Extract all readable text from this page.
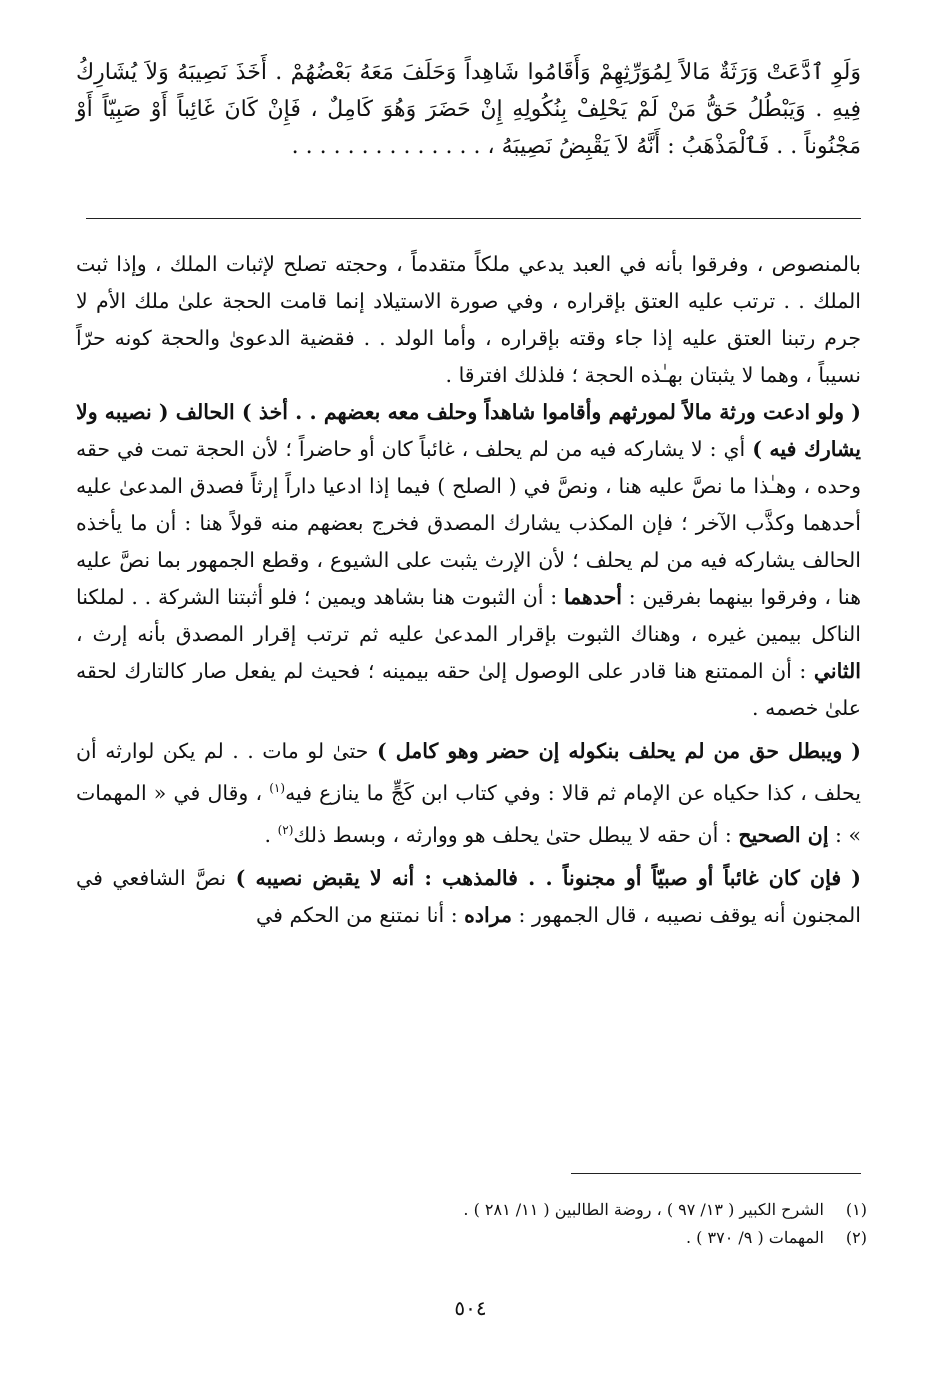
وَلَوِ ٱدَّعَتْ وَرَثَةٌ مَالاً لِمُوَرِّثِهِمْ وَأَقَامُوا شَاهِداً وَحَلَفَ مَعَهُ بَعْضُهُمْ . أَخَذَ نَصِيبَهُ وَلاَ يُشَارِكُ فِيهِ . وَيَبْطُلُ حَقُّ مَنْ لَمْ يَحْلِفْ بِنُكُولِهِ إِنْ حَضَرَ وَهُوَ كَامِلٌ ، فَإِنْ كَانَ غَائِباً أَوْ صَبِيّاً أَوْ مَجْنُوناً . . فَٱلْمَذْهَبُ : أَنَّهُ لاَ يَقْبِضُ نَصِيبَهُ ، . . . . . . . . . . . . . .

بالمنصوص ، وفرقوا بأنه في العبد يدعي ملكاً متقدماً ، وحجته تصلح لإثبات الملك ، وإذا ثبت الملك . . ترتب عليه العتق بإقراره ، وفي صورة الاستيلاد إنما قامت الحجة علىٰ ملك الأم لا جرم رتبنا العتق عليه إذا جاء وقته بإقراره ، وأما الولد . . فقضية الدعوىٰ والحجة كونه حرّاً نسيباً ، وهما لا يثبتان بهـٰذه الحجة ؛ فلذلك افترقا .

( ولو ادعت ورثة مالاً لمورثهم وأقاموا شاهداً وحلف معه بعضهم . . أخذ ) الحالف ( نصيبه ولا يشارك فيه ) أي : لا يشاركه فيه من لم يحلف ، غائباً كان أو حاضراً ؛ لأن الحجة تمت في حقه وحده ، وهـٰذا ما نصَّ عليه هنا ، ونصَّ في ( الصلح ) فيما إذا ادعيا داراً إرثاً فصدق المدعىٰ عليه أحدهما وكذَّب الآخر ؛ فإن المكذب يشارك المصدق فخرج بعضهم منه قولاً هنا : أن ما يأخذه الحالف يشاركه فيه من لم يحلف ؛ لأن الإرث يثبت على الشيوع ، وقطع الجمهور بما نصَّ عليه هنا ، وفرقوا بينهما بفرقين : أحدهما : أن الثبوت هنا بشاهد ويمين ؛ فلو أثبتنا الشركة . . لملكنا الناكل بيمين غيره ، وهناك الثبوت بإقرار المدعىٰ عليه ثم ترتب إقرار المصدق بأنه إرث ، الثاني : أن الممتنع هنا قادر على الوصول إلىٰ حقه بيمينه ؛ فحيث لم يفعل صار كالتارك لحقه علىٰ خصمه .

( ويبطل حق من لم يحلف بنكوله إن حضر وهو كامل ) حتىٰ لو مات . . لم يكن لوارثه أن يحلف ، كذا حكياه عن الإمام ثم قالا : وفي كتاب ابن كَجٍّ ما ينازع فيه$^{(١)}$ ، وقال في « المهمات » : إن الصحيح : أن حقه لا يبطل حتىٰ يحلف هو ووارثه ، وبسط ذلك$^{(٢)}$ .

( فإن كان غائباً أو صبيّاً أو مجنوناً . . فالمذهب : أنه لا يقبض نصيبه ) نصَّ الشافعي في المجنون أنه يوقف نصيبه ، قال الجمهور : مراده : أنا نمتنع من الحكم في

(١) الشرح الكبير ( ١٣/ ٩٧ ) ، روضة الطالبين ( ١١/ ٢٨١ ) .
(٢) المهمات ( ٩/ ٣٧٠ ) .
٥٠٤
